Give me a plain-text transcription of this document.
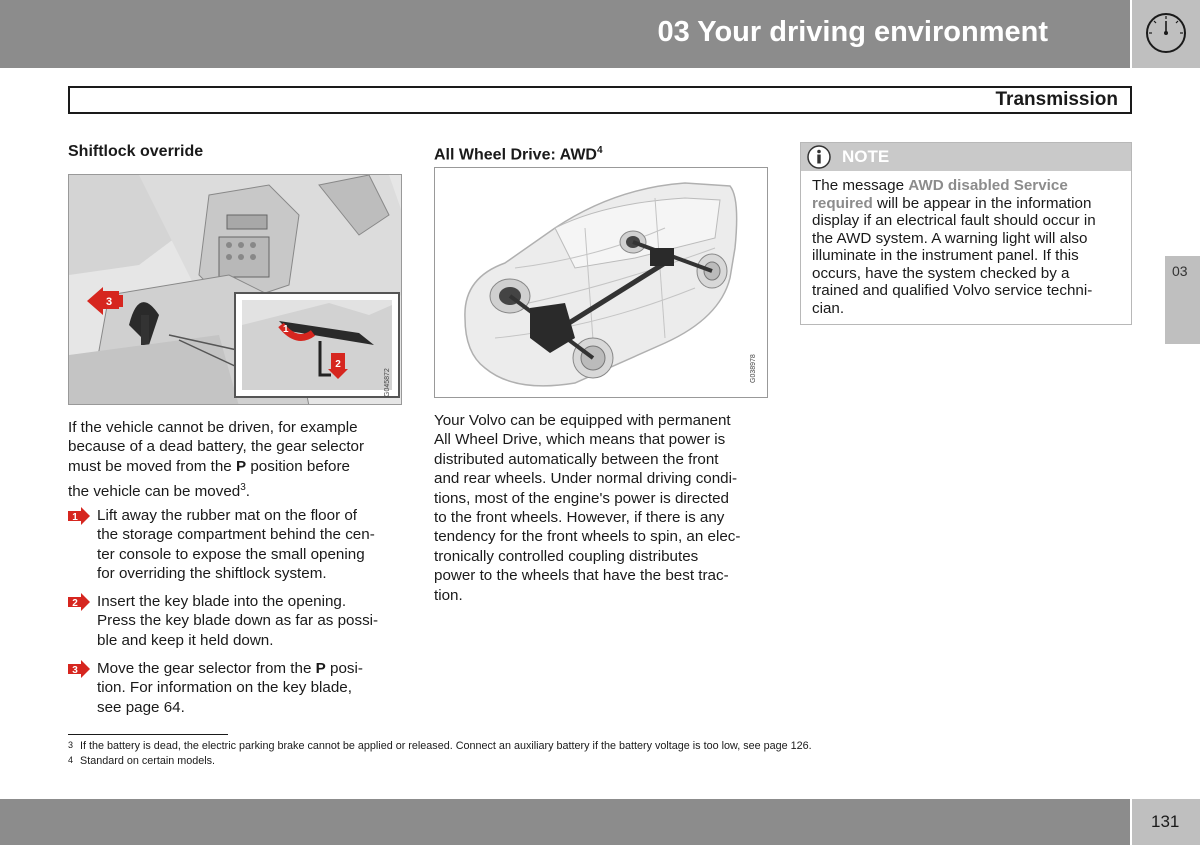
03 Your driving environment
Transmission
03
Shiftlock override
3
1
2
G045872
If the vehicle cannot be driven, for example
because of a dead battery, the gear selector
must be moved from the P position before
the vehicle can be moved$^3$.
1 Lift away the rubber mat on the floor of
the storage compartment behind the cen-
ter console to expose the small opening
for overriding the shiftlock system.
2 Insert the key blade into the opening.
Press the key blade down as far as possi-
ble and keep it held down.
3 Move the gear selector from the P posi-
tion. For information on the key blade,
see page 64.
All Wheel Drive: AWD$^4$
G038978
Your Volvo can be equipped with permanent
All Wheel Drive, which means that power is
distributed automatically between the front
and rear wheels. Under normal driving condi-
tions, most of the engine's power is directed
to the front wheels. However, if there is any
tendency for the front wheels to spin, an elec-
tronically controlled coupling distributes
power to the wheels that have the best trac-
tion.
NOTE
The message AWD disabled Service
required will be appear in the information
display if an electrical fault should occur in
the AWD system. A warning light will also
illuminate in the instrument panel. If this
occurs, have the system checked by a
trained and qualified Volvo service techni-
cian.
3 If the battery is dead, the electric parking brake cannot be applied or released. Connect an auxiliary battery if the battery voltage is too low, see page 126.
4 Standard on certain models.
131
